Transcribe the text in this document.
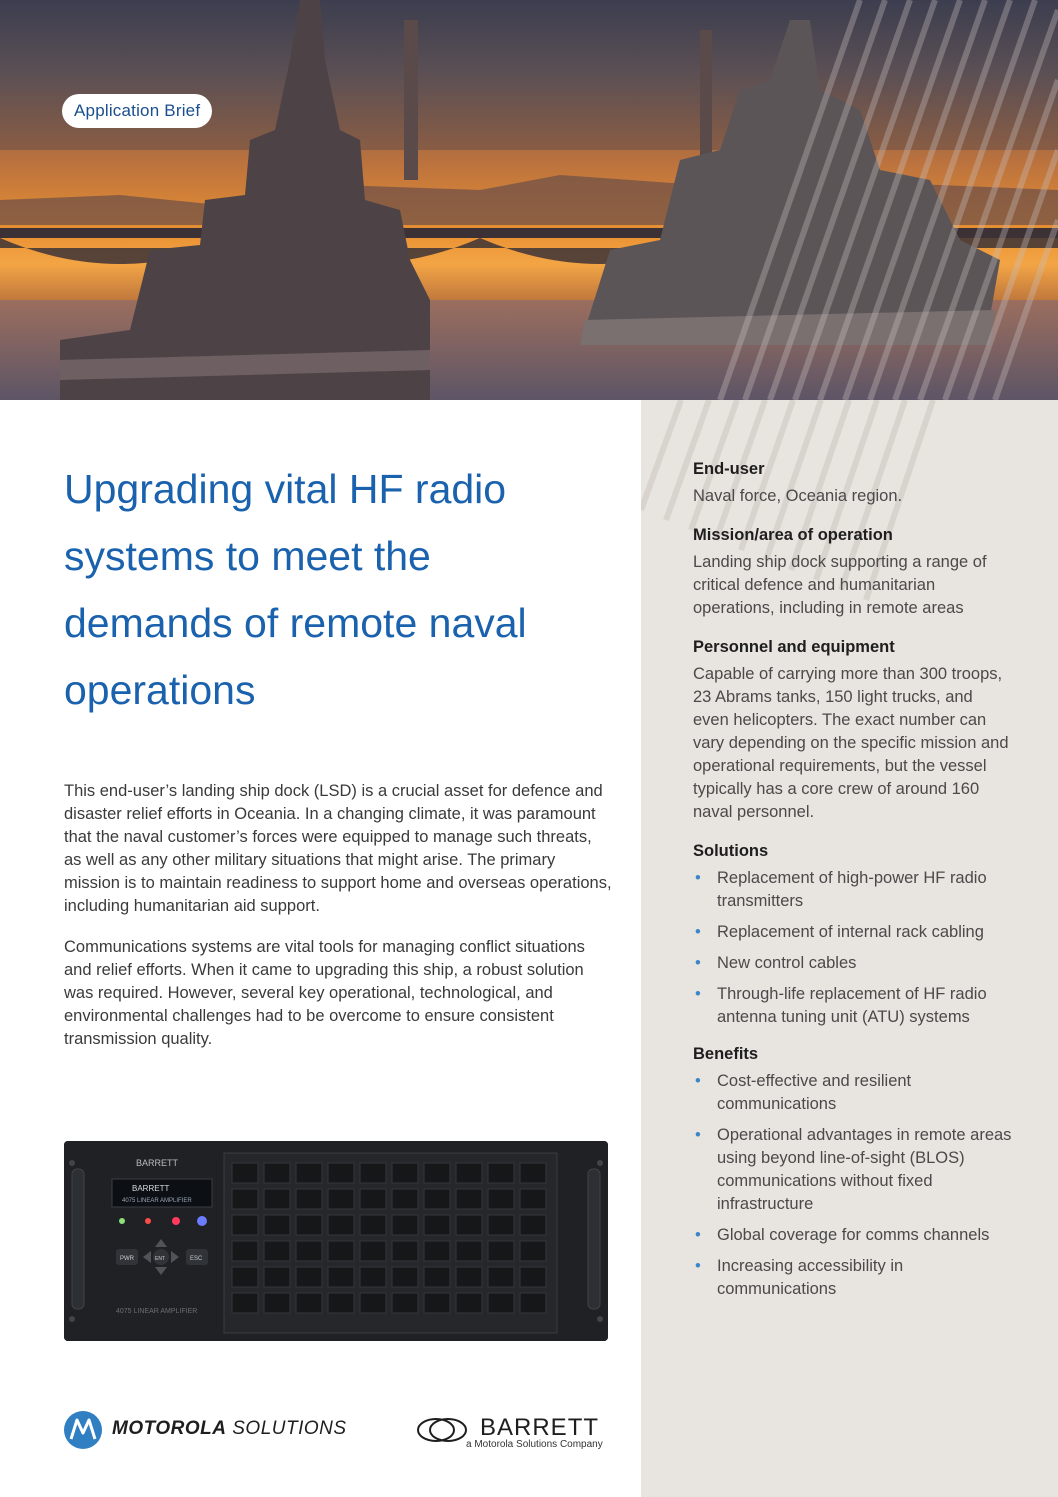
Application Brief
End-user
Naval force, Oceania region.
Mission/area of operation
Landing ship dock supporting a range of critical defence and humanitarian operations, including in remote areas
Personnel and equipment
Capable of carrying more than 300 troops, 23 Abrams tanks, 150 light trucks, and even helicopters. The exact number can vary depending on the specific mission and operational requirements, but the vessel typically has a core crew of around 160 naval personnel.
Solutions
• Replacement of high-power HF radio transmitters
• Replacement of internal rack cabling
• New control cables
• Through-life replacement of HF radio antenna tuning unit (ATU) systems
Benefits
• Cost-effective and resilient communications
• Operational advantages in remote areas using beyond line-of-sight (BLOS) communications without fixed infrastructure
• Global coverage for comms channels
• Increasing accessibility in communications
Upgrading vital HF radio systems to meet the demands of remote naval operations

This end-user’s landing ship dock (LSD) is a crucial asset for defence and disaster relief efforts in Oceania. In a changing climate, it was paramount that the naval customer’s forces were equipped to manage such threats, as well as any other military situations that might arise. The primary mission is to maintain readiness to support home and overseas operations, including humanitarian aid support.

Communications systems are vital tools for managing conflict situations and relief efforts. When it came to upgrading this ship, a robust solution was required. However, several key operational, technological, and environmental challenges had to be overcome to ensure consistent transmission quality.

BARRETT
BARRETT
4075 LINEAR AMPLIFIER
PWR	ENT	ESC
4075 LINEAR AMPLIFIER
MOTOROLA SOLUTIONS	BARRETT
a Motorola Solutions Company
